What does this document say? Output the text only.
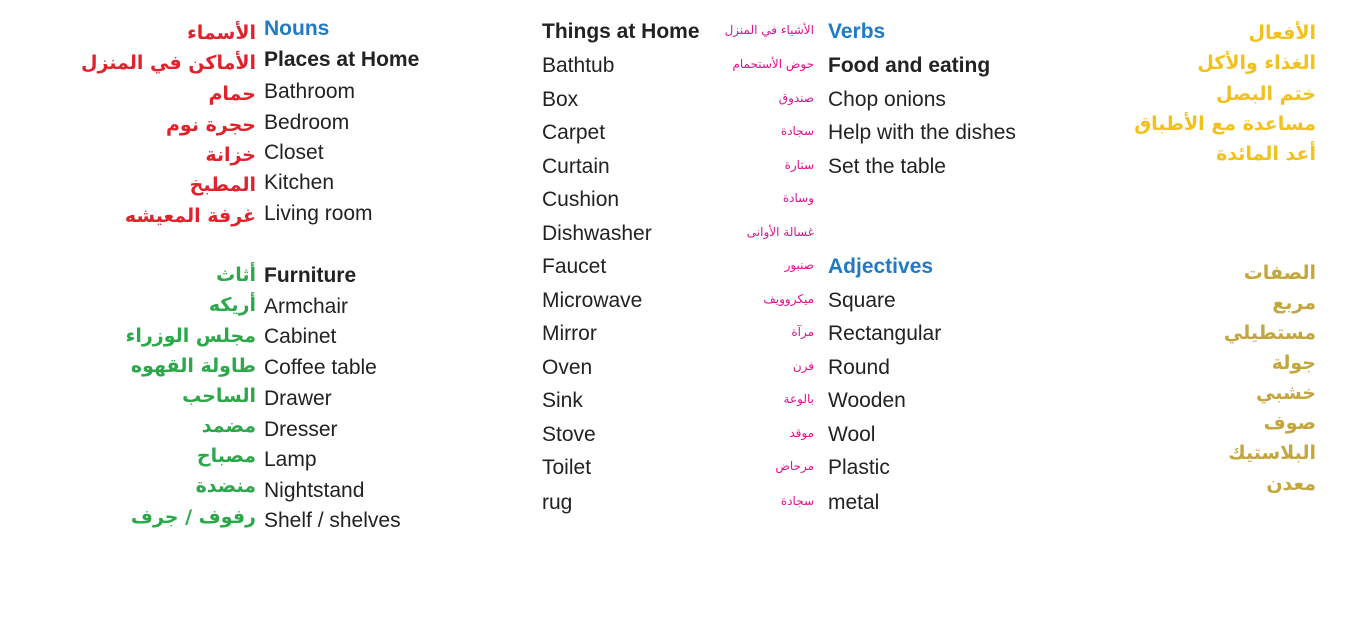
Nouns
Places at Home
Bathroom
Bedroom
Closet
Kitchen
Living room
Furniture
Armchair
Cabinet
Coffee table
Drawer
Dresser
Lamp
Nightstand
Shelf / shelves
الأسماء
الأماكن في المنزل
حمام
حجرة نوم
خزانة
المطبخ
غرفة المعيشه
أثاث
أريكه
مجلس الوزراء
طاولة القهوه
الساحب
مضمد
مصباح
منضدة
رفوف / جرف
Things at Home
Bathtub
Box
Carpet
Curtain
Cushion
Dishwasher
Faucet
Microwave
Mirror
Oven
Sink
Stove
Toilet
rug
الأشياء في المنزل
حوض الأستحمام
صندوق
سجادة
ستارة
وسادة
غسالة الأوانى
صنبور
ميكروويف
مرآة
فرن
بالوعة
موقد
مرحاض
سجادة
Verbs
Food and eating
Chop onions
Help with the dishes
Set the table
الأفعال
الغذاء والأكل
ختم البصل
مساعدة مع الأطباق
أعد المائدة
Adjectives
Square
Rectangular
Round
Wooden
Wool
Plastic
metal
الصفات
مربع
مستطيلي
جولة
خشبي
صوف
البلاستيك
معدن
